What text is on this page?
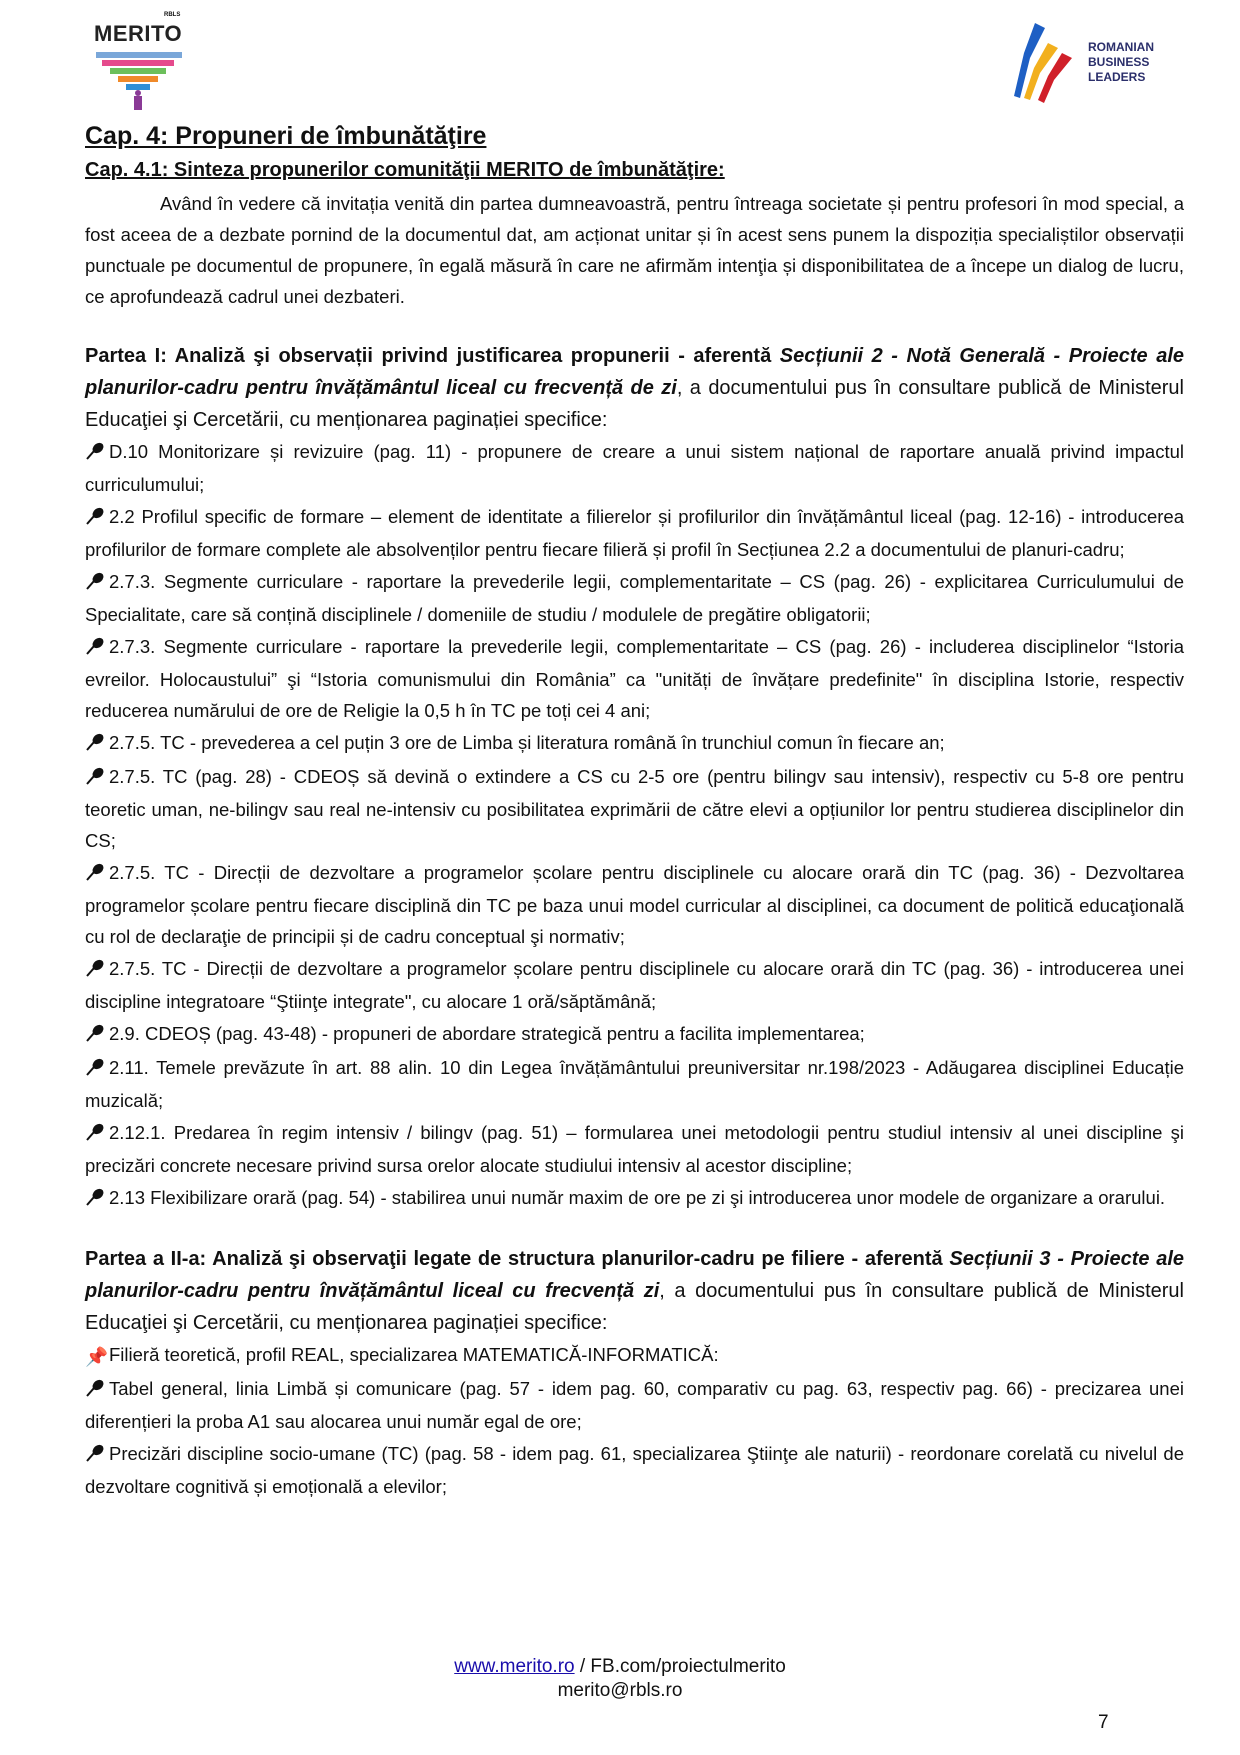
RBLS
MERITO
ROMANIAN
BUSINESS
LEADERS
Cap. 4: Propuneri de îmbunătăţire
Cap. 4.1: Sinteza propunerilor comunităţii MERITO de îmbunătăţire:

Având în vedere că invitația venită din partea dumneavoastră, pentru întreaga societate și pentru profesori în mod special, a fost aceea de a dezbate pornind de la documentul dat, am acționat unitar și în acest sens punem la dispoziția specialiștilor observații punctuale pe documentul de propunere, în egală măsură în care ne afirmăm intenţia și disponibilitatea de a începe un dialog de lucru, ce aprofundează cadrul unei dezbateri.

Partea I: Analiză şi observații privind justificarea propunerii - aferentă Secțiunii 2 - Notă Generală - Proiecte ale planurilor-cadru pentru învățământul liceal cu frecvență de zi, a documentului pus în consultare publică de Ministerul Educaţiei şi Cercetării, cu menționarea paginației specifice:

D.10 Monitorizare și revizuire (pag. 11) - propunere de creare a unui sistem național de raportare anuală privind impactul curriculumului;

2.2 Profilul specific de formare – element de identitate a filierelor și profilurilor din învățământul liceal (pag. 12-16) - introducerea profilurilor de formare complete ale absolvenților pentru fiecare filieră și profil în Secțiunea 2.2 a documentului de planuri-cadru;

2.7.3. Segmente curriculare - raportare la prevederile legii, complementaritate – CS (pag. 26) - explicitarea Curriculumului de Specialitate, care să conțină disciplinele / domeniile de studiu / modulele de pregătire obligatorii;

2.7.3. Segmente curriculare - raportare la prevederile legii, complementaritate – CS (pag. 26) - includerea disciplinelor “Istoria evreilor. Holocaustului” şi “Istoria comunismului din România” ca "unități de învățare predefinite" în disciplina Istorie, respectiv reducerea numărului de ore de Religie la 0,5 h în TC pe toți cei 4 ani;

2.7.5. TC - prevederea a cel puțin 3 ore de Limba și literatura română în trunchiul comun în fiecare an;

2.7.5. TC (pag. 28) - CDEOȘ să devină o extindere a CS cu 2-5 ore (pentru bilingv sau intensiv), respectiv cu 5-8 ore pentru teoretic uman, ne-bilingv sau real ne-intensiv cu posibilitatea exprimării de către elevi a opțiunilor lor pentru studierea disciplinelor din CS;

2.7.5. TC - Direcții de dezvoltare a programelor școlare pentru disciplinele cu alocare orară din TC (pag. 36) - Dezvoltarea programelor școlare pentru fiecare disciplină din TC pe baza unui model curricular al disciplinei, ca document de politică educaţională cu rol de declaraţie de principii și de cadru conceptual şi normativ;

2.7.5. TC - Direcții de dezvoltare a programelor școlare pentru disciplinele cu alocare orară din TC (pag. 36) - introducerea unei discipline integratoare “Ştiinţe integrate", cu alocare 1 oră/săptămână;

2.9. CDEOȘ (pag. 43-48) - propuneri de abordare strategică pentru a facilita implementarea;

2.11. Temele prevăzute în art. 88 alin. 10 din Legea învățământului preuniversitar nr.198/2023 - Adăugarea disciplinei Educație muzicală;

2.12.1. Predarea în regim intensiv / bilingv (pag. 51) – formularea unei metodologii pentru studiul intensiv al unei discipline şi precizări concrete necesare privind sursa orelor alocate studiului intensiv al acestor discipline;

2.13 Flexibilizare orară (pag. 54) - stabilirea unui număr maxim de ore pe zi şi introducerea unor modele de organizare a orarului.

Partea a II-a: Analiză şi observaţii legate de structura planurilor-cadru pe filiere - aferentă Secțiunii 3 - Proiecte ale planurilor-cadru pentru învățământul liceal cu frecvență zi, a documentului pus în consultare publică de Ministerul Educaţiei şi Cercetării, cu menționarea paginației specifice:

📌Filieră teoretică, profil REAL, specializarea MATEMATICĂ-INFORMATICĂ:

Tabel general, linia Limbă și comunicare (pag. 57 - idem pag. 60, comparativ cu pag. 63, respectiv pag. 66) - precizarea unei diferențieri la proba A1 sau alocarea unui număr egal de ore;

Precizări discipline socio-umane (TC) (pag. 58 - idem pag. 61, specializarea Ştiinţe ale naturii) - reordonare corelată cu nivelul de dezvoltare cognitivă și emoțională a elevilor;

www.merito.ro / FB.com/proiectulmerito
merito@rbls.ro
7
